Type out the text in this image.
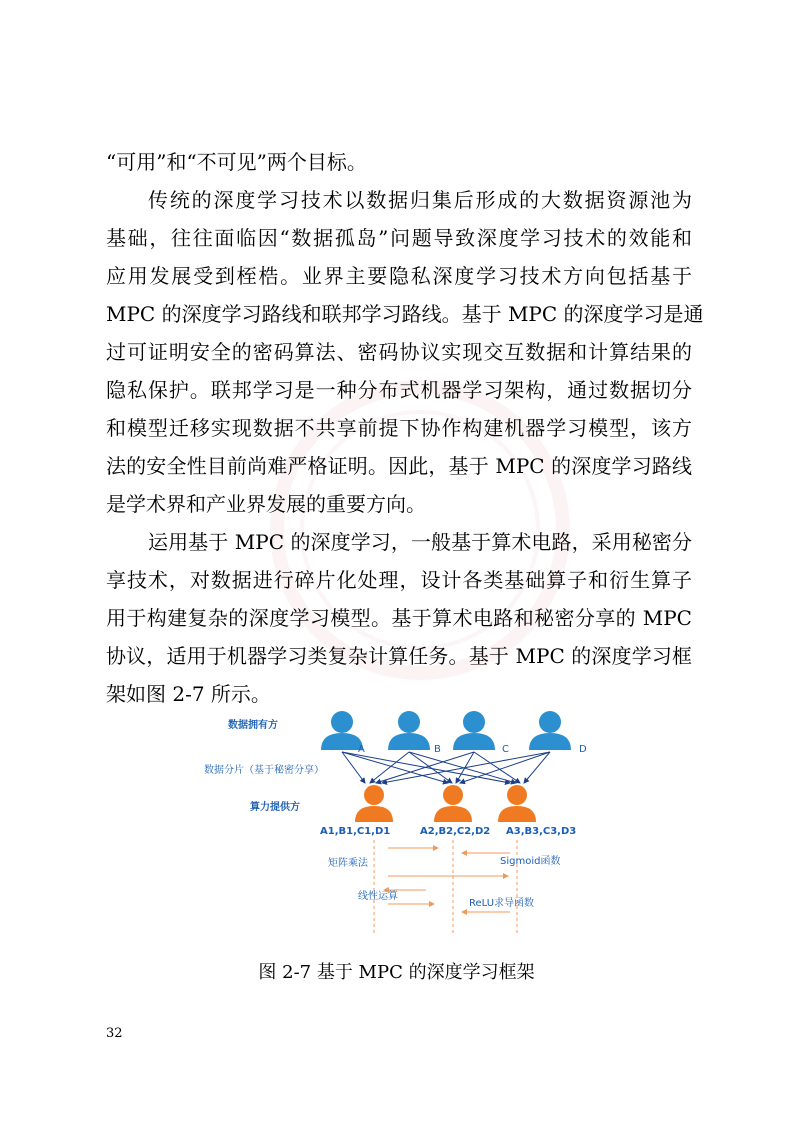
“可用”和“不可见”两个目标。
传统的深度学习技术以数据归集后形成的大数据资源池为
基础，往往面临因“数据孤岛”问题导致深度学习技术的效能和
应用发展受到桎梏。业界主要隐私深度学习技术方向包括基于
MPC 的深度学习路线和联邦学习路线。基于 MPC 的深度学习是通
过可证明安全的密码算法、密码协议实现交互数据和计算结果的
隐私保护。联邦学习是一种分布式机器学习架构，通过数据切分
和模型迁移实现数据不共享前提下协作构建机器学习模型，该方
法的安全性目前尚难严格证明。因此，基于 MPC 的深度学习路线
是学术界和产业界发展的重要方向。
运用基于 MPC 的深度学习，一般基于算术电路，采用秘密分
享技术，对数据进行碎片化处理，设计各类基础算子和衍生算子
用于构建复杂的深度学习模型。基于算术电路和秘密分享的 MPC
协议，适用于机器学习类复杂计算任务。基于 MPC 的深度学习框
架如图 2-7 所示。
数据拥有方
数据分片（基于秘密分享）
算力提供方
A	B	C	D
A1,B1,C1,D1	A2,B2,C2,D2 A3,B3,C3,D3
矩阵乘法	Sigmoid函数
线性运算
ReLU求导函数
图 2-7 基于 MPC 的深度学习框架
32
